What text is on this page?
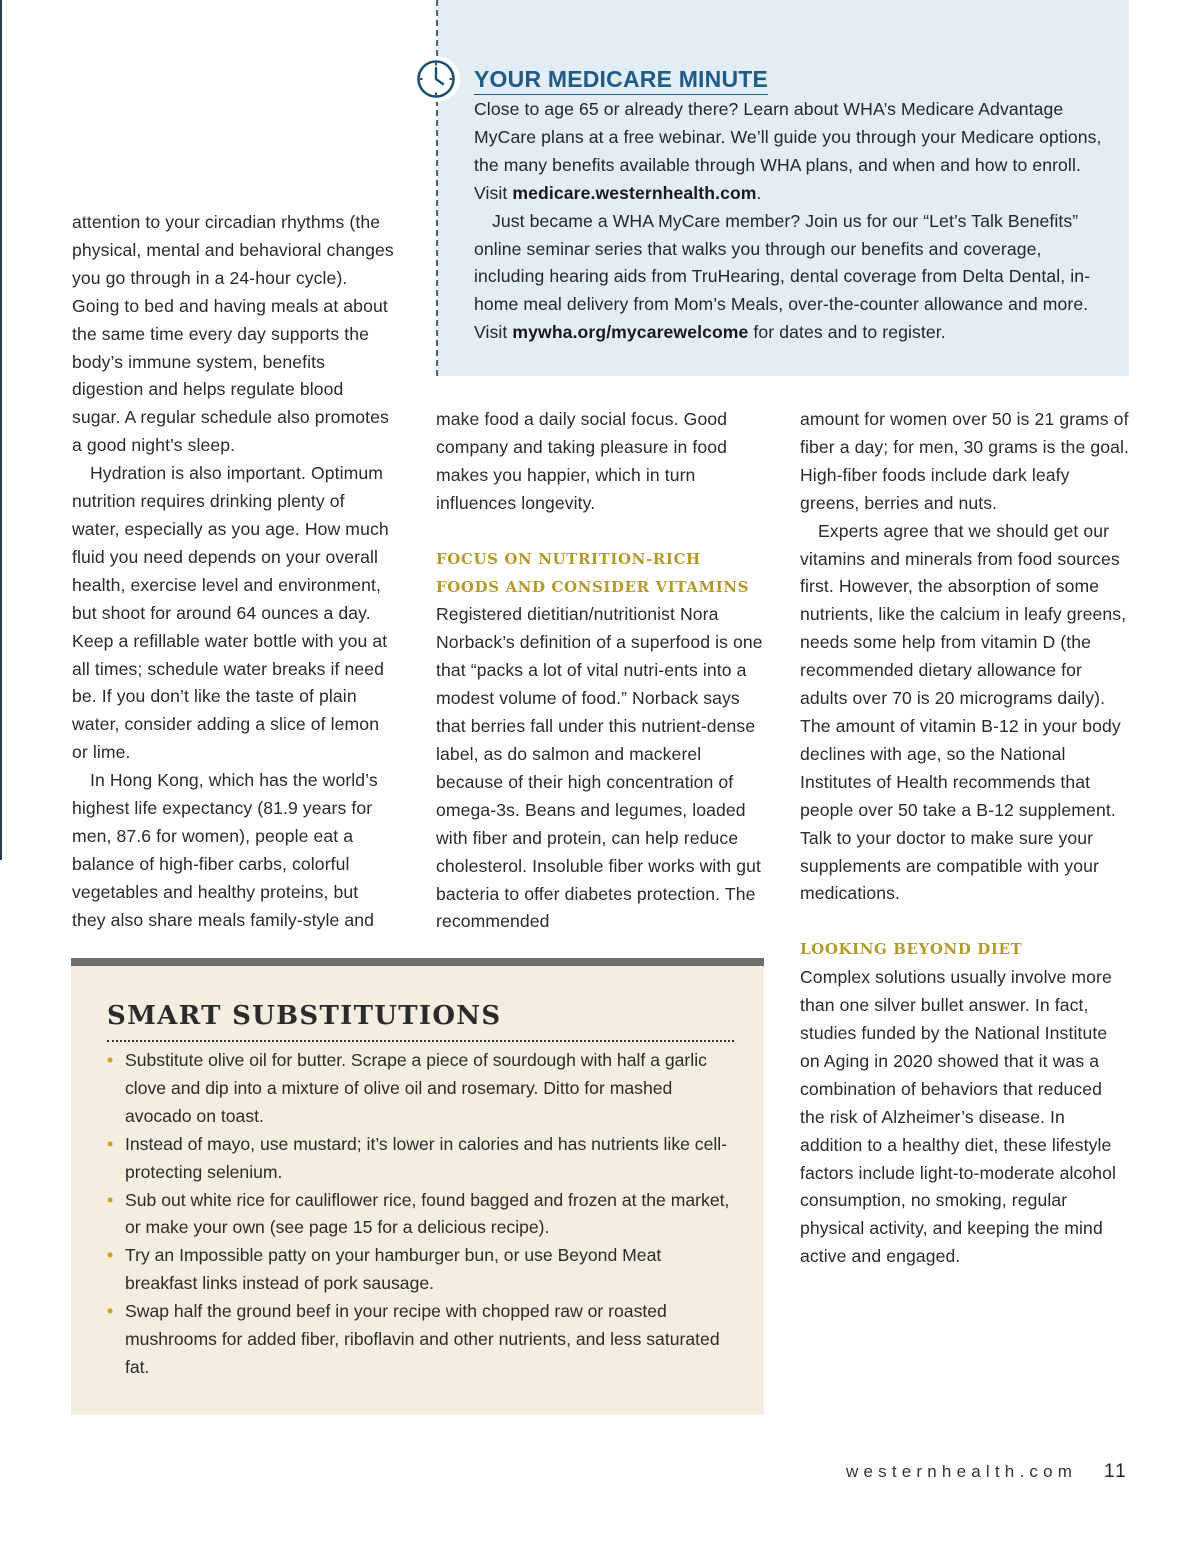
YOUR MEDICARE MINUTE

Close to age 65 or already there? Learn about WHA’s Medicare Advantage MyCare plans at a free webinar. We’ll guide you through your Medicare options, the many benefits available through WHA plans, and when and how to enroll. Visit medicare.westernhealth.com.

Just became a WHA MyCare member? Join us for our “Let’s Talk Benefits” online seminar series that walks you through our benefits and coverage, including hearing aids from TruHearing, dental coverage from Delta Dental, in-home meal delivery from Mom’s Meals, over-the-counter allowance and more. Visit mywha.org/mycarewelcome for dates and to register.

attention to your circadian rhythms (the physical, mental and behavioral changes you go through in a 24-hour cycle). Going to bed and having meals at about the same time every day supports the body’s immune system, benefits digestion and helps regulate blood sugar. A regular schedule also promotes a good night’s sleep.

Hydration is also important. Optimum nutrition requires drinking plenty of water, especially as you age. How much fluid you need depends on your overall health, exercise level and environment, but shoot for around 64 ounces a day. Keep a refillable water bottle with you at all times; schedule water breaks if need be. If you don’t like the taste of plain water, consider adding a slice of lemon or lime.

In Hong Kong, which has the world’s highest life expectancy (81.9 years for men, 87.6 for women), people eat a balance of high-fiber carbs, colorful vegetables and healthy proteins, but they also share meals family-style and

make food a daily social focus. Good company and taking pleasure in food makes you happier, which in turn influences longevity.

FOCUS ON NUTRITION-RICH

FOODS AND CONSIDER VITAMINS

Registered dietitian/nutritionist Nora Norback’s definition of a superfood is one that “packs a lot of vital nutri-ents into a modest volume of food.” Norback says that berries fall under this nutrient-dense label, as do salmon and mackerel because of their high concentration of omega-3s. Beans and legumes, loaded with fiber and protein, can help reduce cholesterol. Insoluble fiber works with gut bacteria to offer diabetes protection. The recommended

amount for women over 50 is 21 grams of fiber a day; for men, 30 grams is the goal. High-fiber foods include dark leafy greens, berries and nuts.

Experts agree that we should get our vitamins and minerals from food sources first. However, the absorption of some nutrients, like the calcium in leafy greens, needs some help from vitamin D (the recommended dietary allowance for adults over 70 is 20 micrograms daily). The amount of vitamin B-12 in your body declines with age, so the National Institutes of Health recommends that people over 50 take a B-12 supplement. Talk to your doctor to make sure your supplements are compatible with your medications.

LOOKING BEYOND DIET

Complex solutions usually involve more than one silver bullet answer. In fact, studies funded by the National Institute on Aging in 2020 showed that it was a combination of behaviors that reduced the risk of Alzheimer’s disease. In addition to a healthy diet, these lifestyle factors include light-to-moderate alcohol consumption, no smoking, regular physical activity, and keeping the mind active and engaged.

SMART SUBSTITUTIONS
• Substitute olive oil for butter. Scrape a piece of sourdough with half a garlic clove and dip into a mixture of olive oil and rosemary. Ditto for mashed avocado on toast.
• Instead of mayo, use mustard; it’s lower in calories and has nutrients like cell-protecting selenium.
• Sub out white rice for cauliflower rice, found bagged and frozen at the market, or make your own (see page 15 for a delicious recipe).
• Try an Impossible patty on your hamburger bun, or use Beyond Meat breakfast links instead of pork sausage.
• Swap half the ground beef in your recipe with chopped raw or roasted mushrooms for added fiber, riboflavin and other nutrients, and less saturated fat.
westernhealth.com 11
